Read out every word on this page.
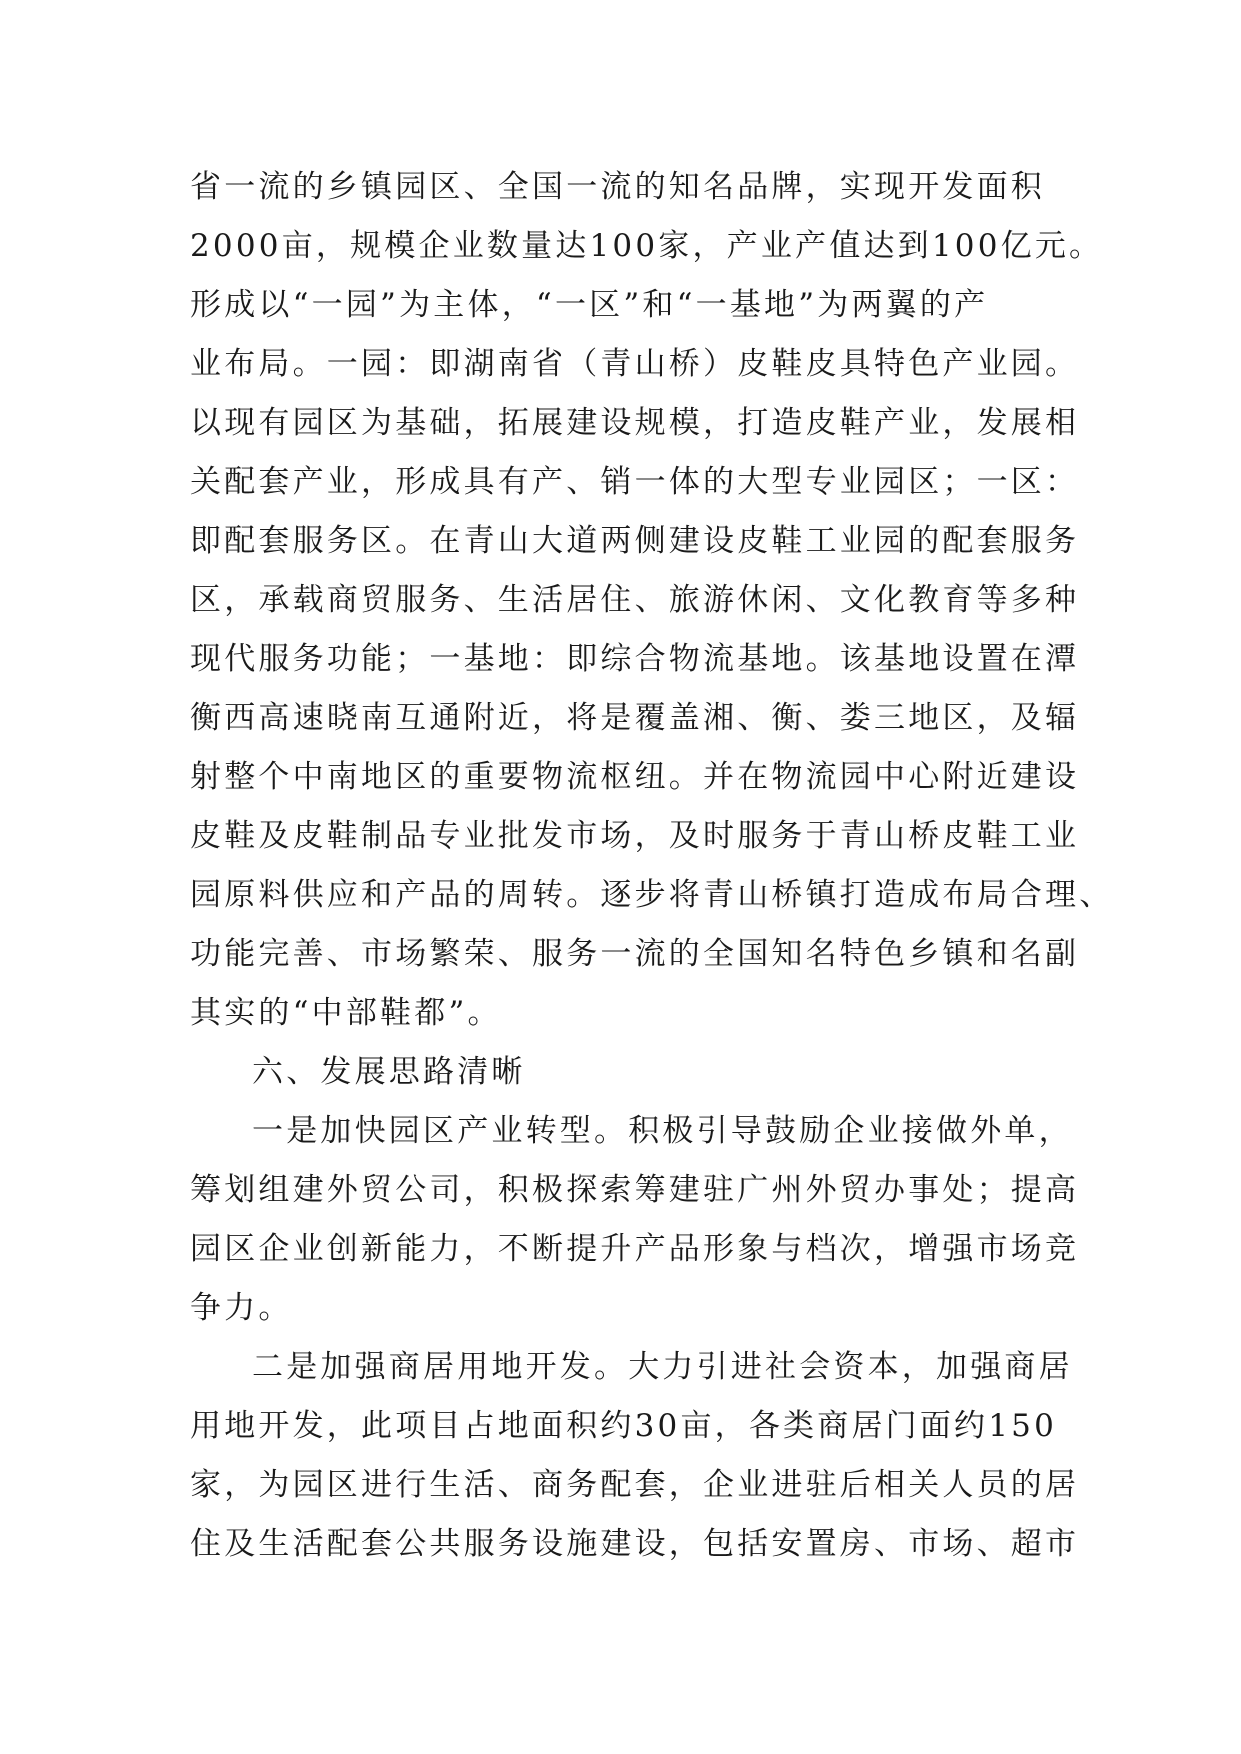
省一流的乡镇园区、全国一流的知名品牌，实现开发面积
2000亩，规模企业数量达100家，产业产值达到100亿元。
形成以“一园”为主体，“一区”和“一基地”为两翼的产
业布局。一园：即湖南省（青山桥）皮鞋皮具特色产业园。
以现有园区为基础，拓展建设规模，打造皮鞋产业，发展相
关配套产业，形成具有产、销一体的大型专业园区；一区：
即配套服务区。在青山大道两侧建设皮鞋工业园的配套服务
区，承载商贸服务、生活居住、旅游休闲、文化教育等多种
现代服务功能；一基地：即综合物流基地。该基地设置在潭
衡西高速晓南互通附近，将是覆盖湘、衡、娄三地区，及辐
射整个中南地区的重要物流枢纽。并在物流园中心附近建设
皮鞋及皮鞋制品专业批发市场，及时服务于青山桥皮鞋工业
园原料供应和产品的周转。逐步将青山桥镇打造成布局合理、
功能完善、市场繁荣、服务一流的全国知名特色乡镇和名副
其实的“中部鞋都”。
六、发展思路清晰
一是加快园区产业转型。积极引导鼓励企业接做外单，
筹划组建外贸公司，积极探索筹建驻广州外贸办事处；提高
园区企业创新能力，不断提升产品形象与档次，增强市场竞
争力。
二是加强商居用地开发。大力引进社会资本，加强商居
用地开发，此项目占地面积约30亩，各类商居门面约150
家，为园区进行生活、商务配套，企业进驻后相关人员的居
住及生活配套公共服务设施建设，包括安置房、市场、超市
